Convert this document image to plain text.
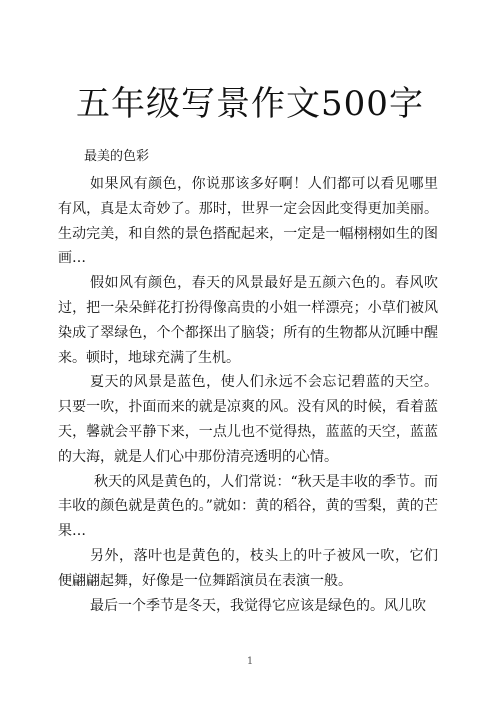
五年级写景作文500字

最美的色彩

如果风有颜色，你说那该多好啊！人们都可以看见哪里有风，真是太奇妙了。那时，世界一定会因此变得更加美丽。生动完美，和自然的景色搭配起来，一定是一幅栩栩如生的图画…

假如风有颜色，春天的风景最好是五颜六色的。春风吹过，把一朵朵鲜花打扮得像高贵的小姐一样漂亮；小草们被风染成了翠绿色，个个都探出了脑袋；所有的生物都从沉睡中醒来。顿时，地球充满了生机。

夏天的风景是蓝色，使人们永远不会忘记碧蓝的天空。只要一吹，扑面而来的就是凉爽的风。没有风的时候，看着蓝天，馨就会平静下来，一点儿也不觉得热，蓝蓝的天空，蓝蓝的大海，就是人们心中那份清亮透明的心情。

秋天的风是黄色的，人们常说：“秋天是丰收的季节。而丰收的颜色就是黄色的。”就如：黄的稻谷，黄的雪梨，黄的芒果…

另外，落叶也是黄色的，枝头上的叶子被风一吹，它们便翩翩起舞，好像是一位舞蹈演员在表演一般。

最后一个季节是冬天，我觉得它应该是绿色的。风儿吹

1
